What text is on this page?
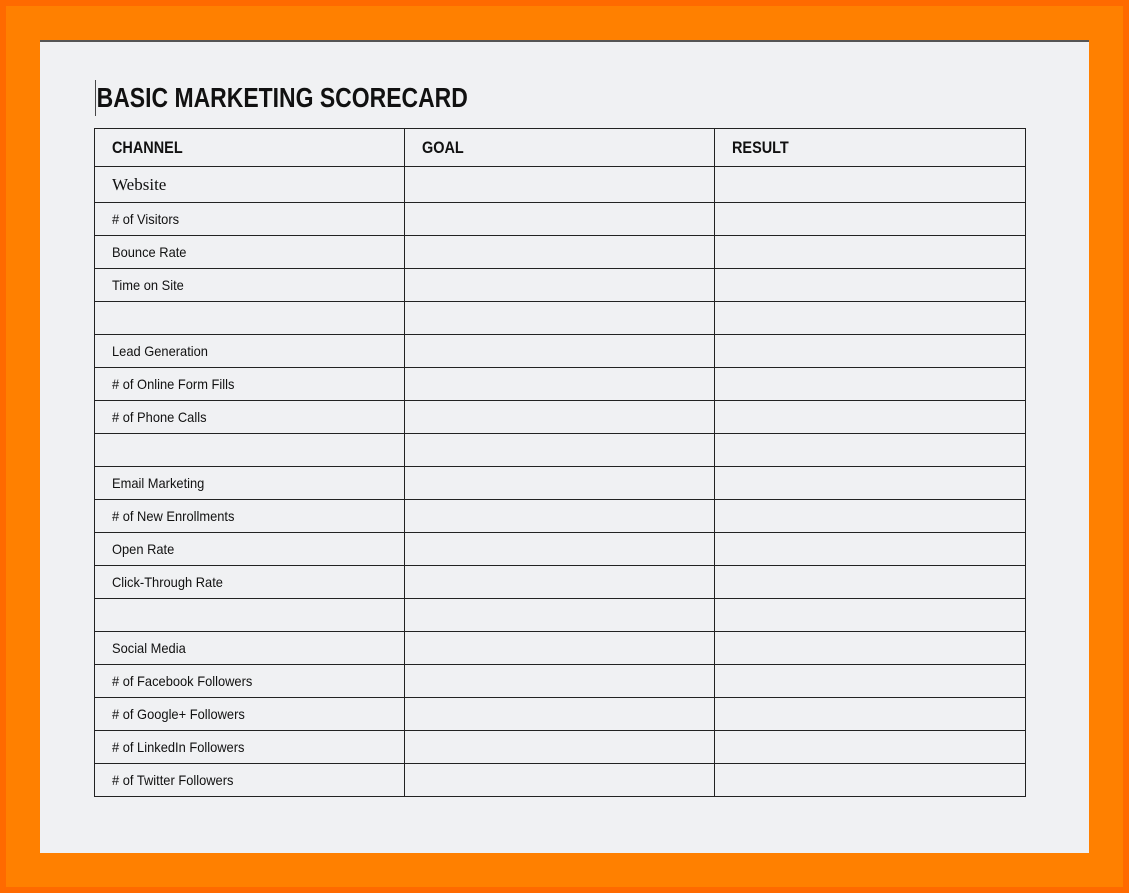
BASIC MARKETING SCORECARD
CHANNEL	GOAL	RESULT
Website		
# of Visitors		
Bounce Rate		
Time on Site		

Lead Generation		
# of Online Form Fills		
# of Phone Calls		

Email Marketing		
# of New Enrollments		
Open Rate		
Click-Through Rate		

Social Media		
# of Facebook Followers		
# of Google+ Followers		
# of LinkedIn Followers		
# of Twitter Followers		
